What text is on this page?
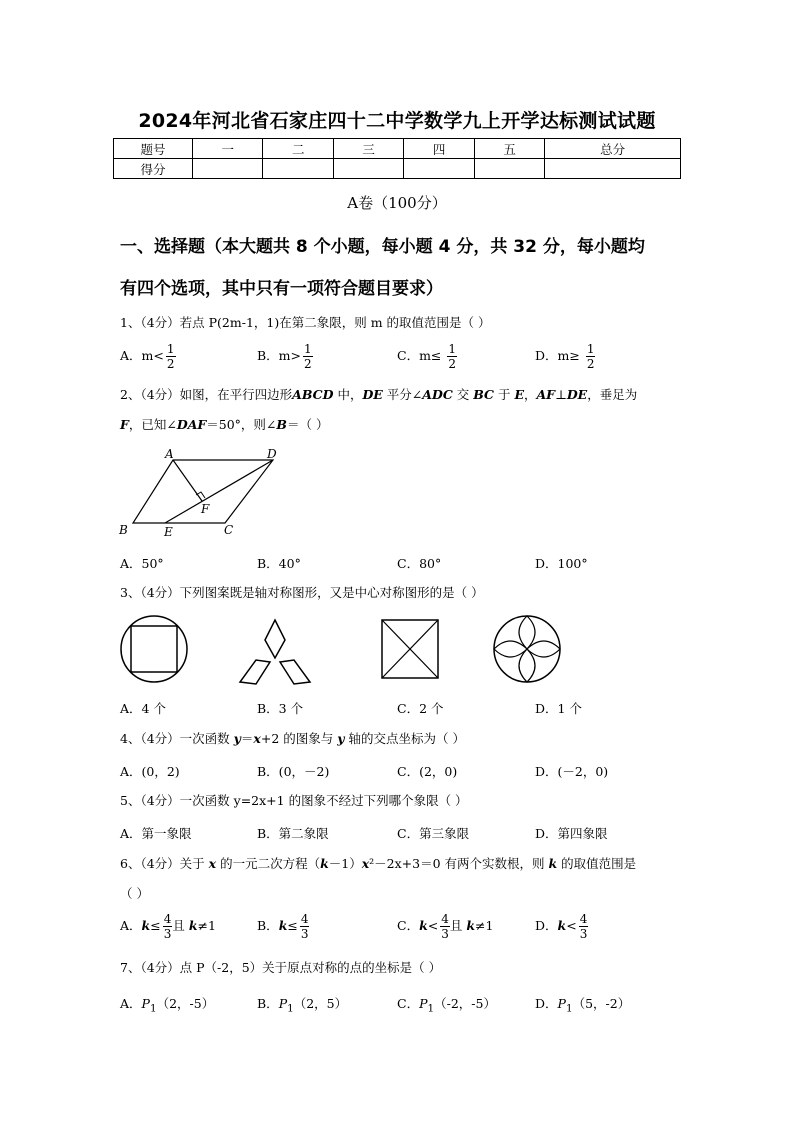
2024年河北省石家庄四十二中学数学九上开学达标测试试题
题号	一	二	三	四	五	总分
得分						
A卷（100分）
一、选择题（本大题共 8 个小题，每小题 4 分，共 32 分，每小题均
有四个选项，其中只有一项符合题目要求）
1、（4分）若点 P(2m-1，1)在第二象限，则 m 的取值范围是（ ）
A．$m< \frac{1}{2}$	B．$m> \frac{1}{2}$	C．$m\le \frac{1}{2}$	D．$m\ge \frac{1}{2}$
2、（4分）如图，在平行四边形ABCD 中，DE 平分∠ADC 交 BC 于 E，AF⊥DE，垂足为
F，已知∠DAF＝50°，则∠B＝（ ）
A	D
B	E	C
F
A．50°	B．40°	C．80°	D．100°
3、（4分）下列图案既是轴对称图形，又是中心对称图形的是（ ）
A．4 个	B．3 个	C．2 个	D．1 个
4、（4分）一次函数 y＝x+2 的图象与 y 轴的交点坐标为（ ）
A．(0，2)	B．(0，－2)	C．(2，0)	D．(－2，0)
5、（4分）一次函数 y=2x+1 的图象不经过下列哪个象限（ ）
A．第一象限	B．第二象限	C．第三象限	D．第四象限
6、（4分）关于 x 的一元二次方程（k－1）x²－2x+3＝0 有两个实数根，则 k 的取值范围是
（ ）
A．$k\le \frac{4}{3}$ 且 k≠1	B．$k\le \frac{4}{3}$	C．$k< \frac{4}{3}$ 且 k≠1	D．$k< \frac{4}{3}$
7、（4分）点 P（-2，5）关于原点对称的点的坐标是（ ）
A．$P_1(2$，-5）	B．$P_1(2$，5）	C．$P_1(-2$，-5）	D．$P_1(5$，-2）
